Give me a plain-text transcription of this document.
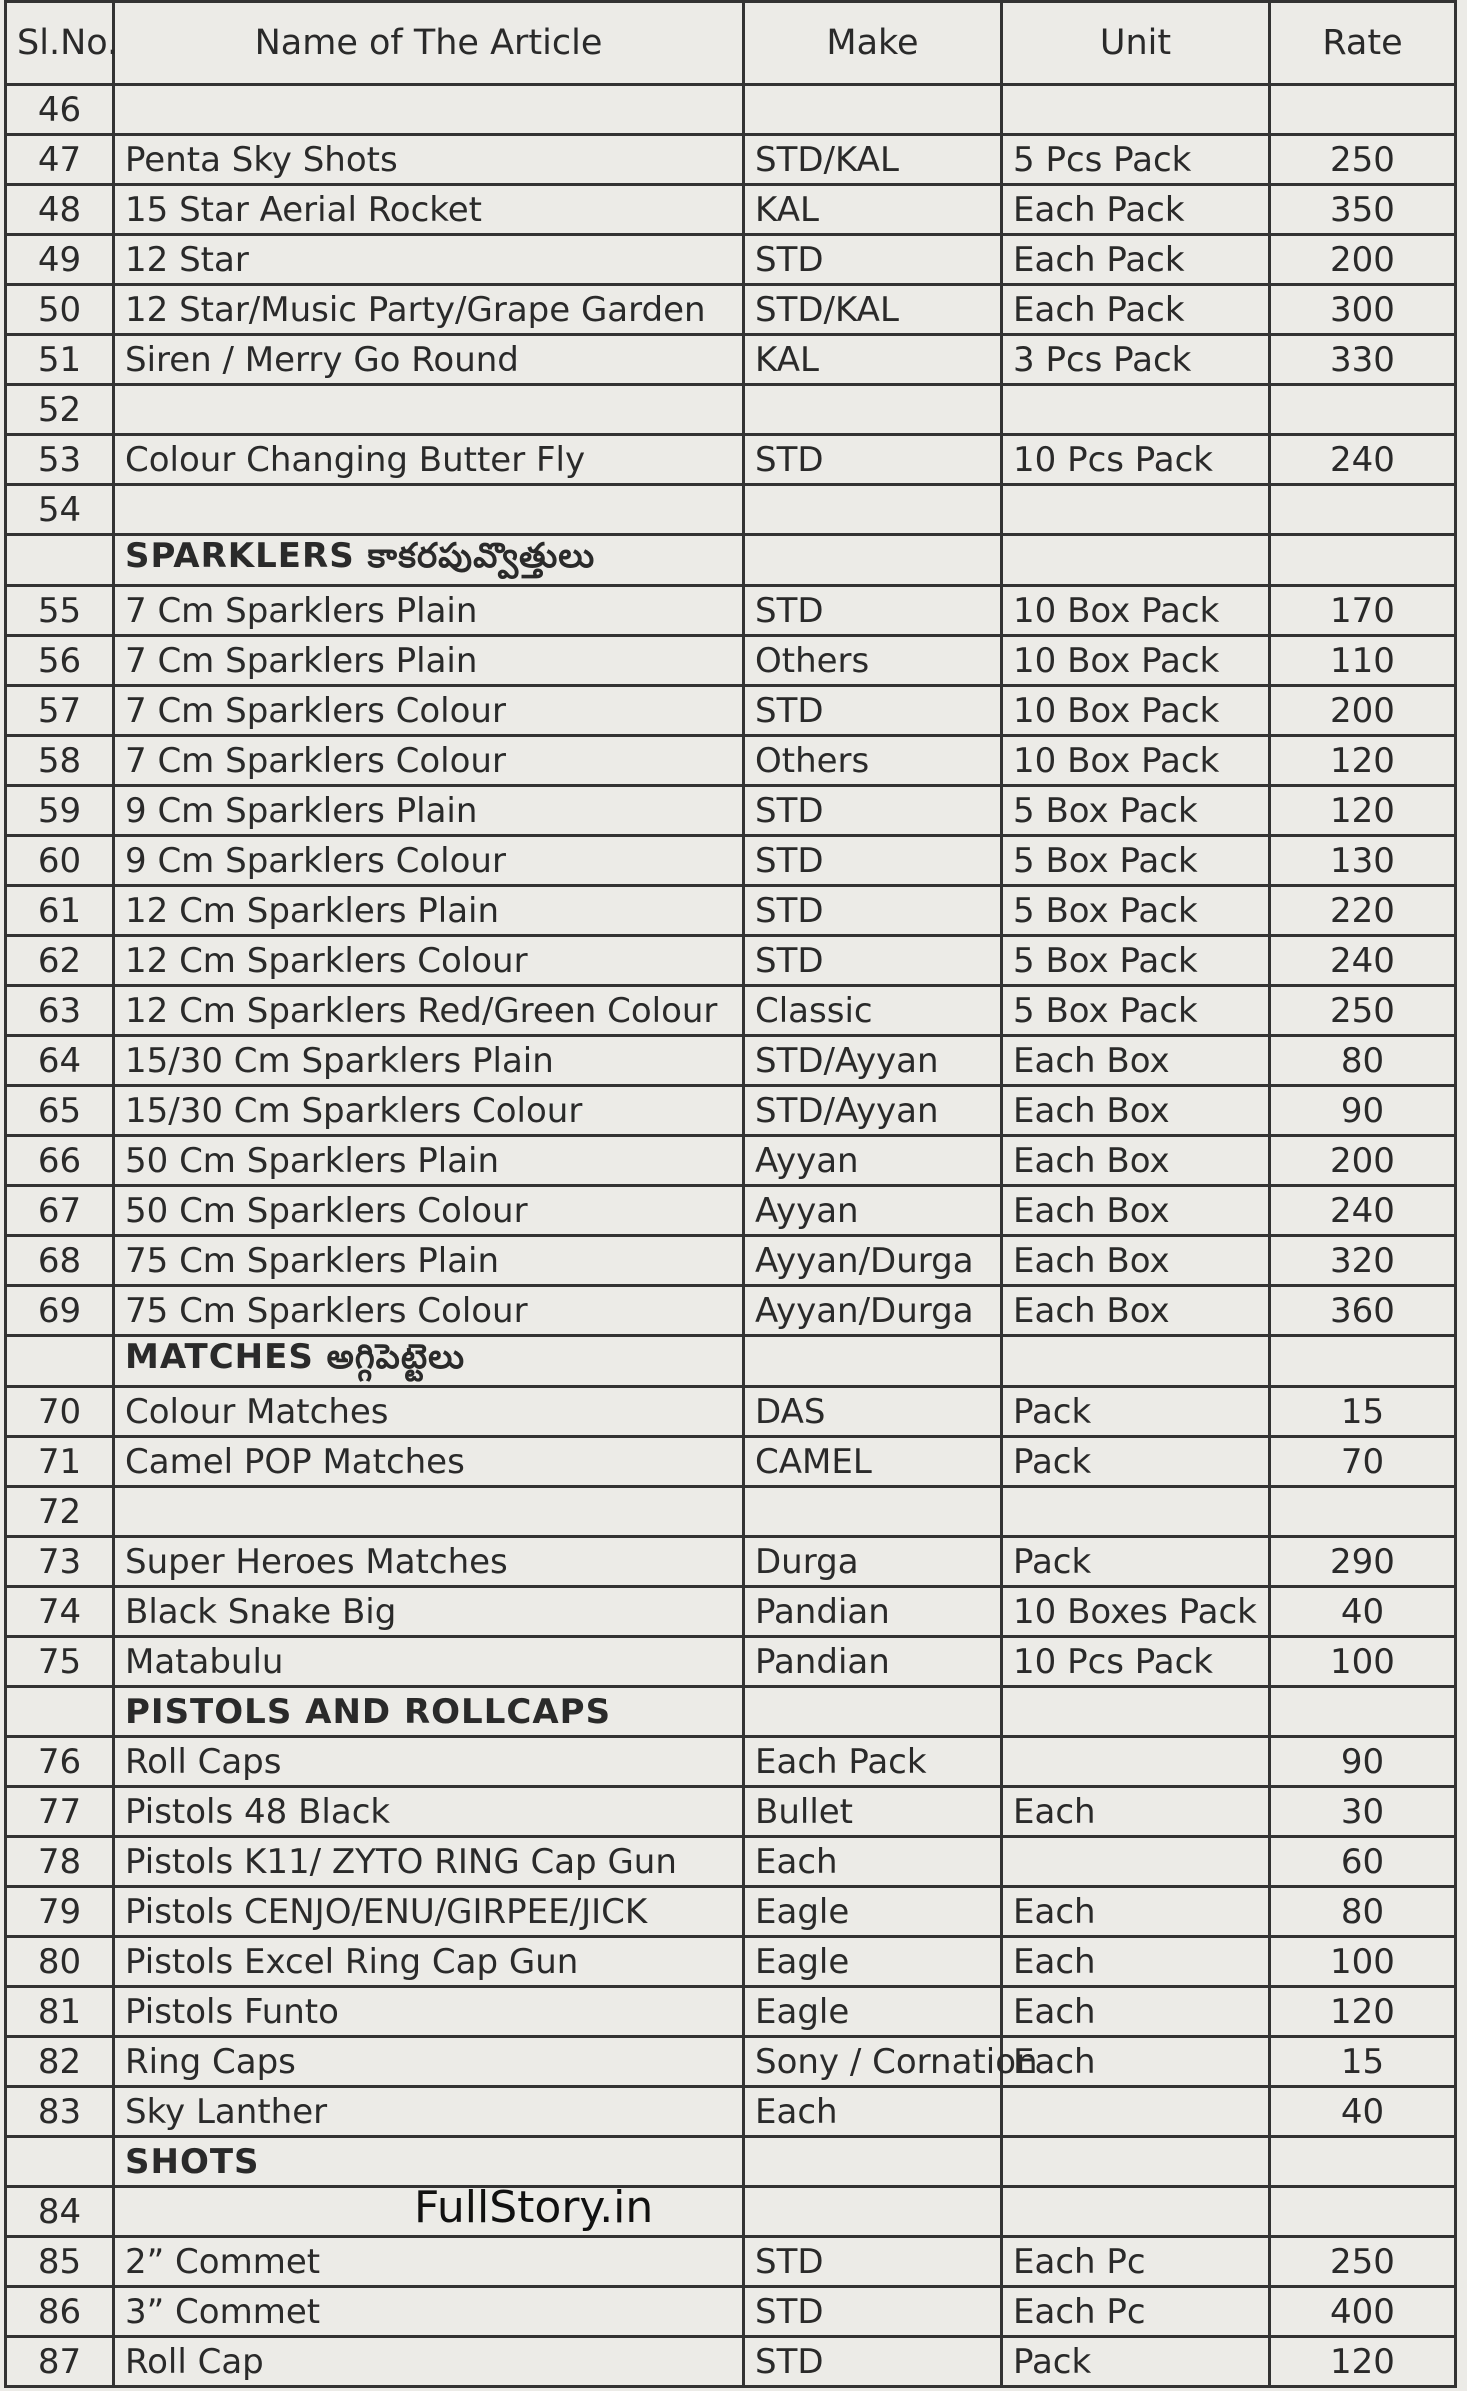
Sl.No.	Name of The Article	Make	Unit	Rate
46				
47	Penta Sky Shots	STD/KAL	5 Pcs Pack	250
48	15 Star Aerial Rocket	KAL	Each Pack	350
49	12 Star	STD	Each Pack	200
50	12 Star/Music Party/Grape Garden	STD/KAL	Each Pack	300
51	Siren / Merry Go Round	KAL	3 Pcs Pack	330
52				
53	Colour Changing Butter Fly	STD	10 Pcs Pack	240
54				
	SPARKLERS కాకరపువ్వొత్తులు			
55	7 Cm Sparklers Plain	STD	10 Box Pack	170
56	7 Cm Sparklers Plain	Others	10 Box Pack	110
57	7 Cm Sparklers Colour	STD	10 Box Pack	200
58	7 Cm Sparklers Colour	Others	10 Box Pack	120
59	9 Cm Sparklers Plain	STD	5 Box Pack	120
60	9 Cm Sparklers Colour	STD	5 Box Pack	130
61	12 Cm Sparklers Plain	STD	5 Box Pack	220
62	12 Cm Sparklers Colour	STD	5 Box Pack	240
63	12 Cm Sparklers Red/Green Colour	Classic	5 Box Pack	250
64	15/30 Cm Sparklers Plain	STD/Ayyan	Each Box	80
65	15/30 Cm Sparklers Colour	STD/Ayyan	Each Box	90
66	50 Cm Sparklers Plain	Ayyan	Each Box	200
67	50 Cm Sparklers Colour	Ayyan	Each Box	240
68	75 Cm Sparklers Plain	Ayyan/Durga	Each Box	320
69	75 Cm Sparklers Colour	Ayyan/Durga	Each Box	360
	MATCHES అగ్గిపెట్టెలు			
70	Colour Matches	DAS	Pack	15
71	Camel POP Matches	CAMEL	Pack	70
72				
73	Super Heroes Matches	Durga	Pack	290
74	Black Snake Big	Pandian	10 Boxes Pack	40
75	Matabulu	Pandian	10 Pcs Pack	100
	PISTOLS AND ROLLCAPS			
76	Roll Caps	Each Pack		90
77	Pistols 48 Black	Bullet	Each	30
78	Pistols K11/ ZYTO RING Cap Gun	Each		60
79	Pistols CENJO/ENU/GIRPEE/JICK	Eagle	Each	80
80	Pistols Excel Ring Cap Gun	Eagle	Each	100
81	Pistols Funto	Eagle	Each	120
82	Ring Caps	Sony / Cornation	Each	15
83	Sky Lanther	Each		40
	SHOTS			
84				
85	2” Commet	STD	Each Pc	250
86	3” Commet	STD	Each Pc	400
87	Roll Cap	STD	Pack	120
FullStory.in
